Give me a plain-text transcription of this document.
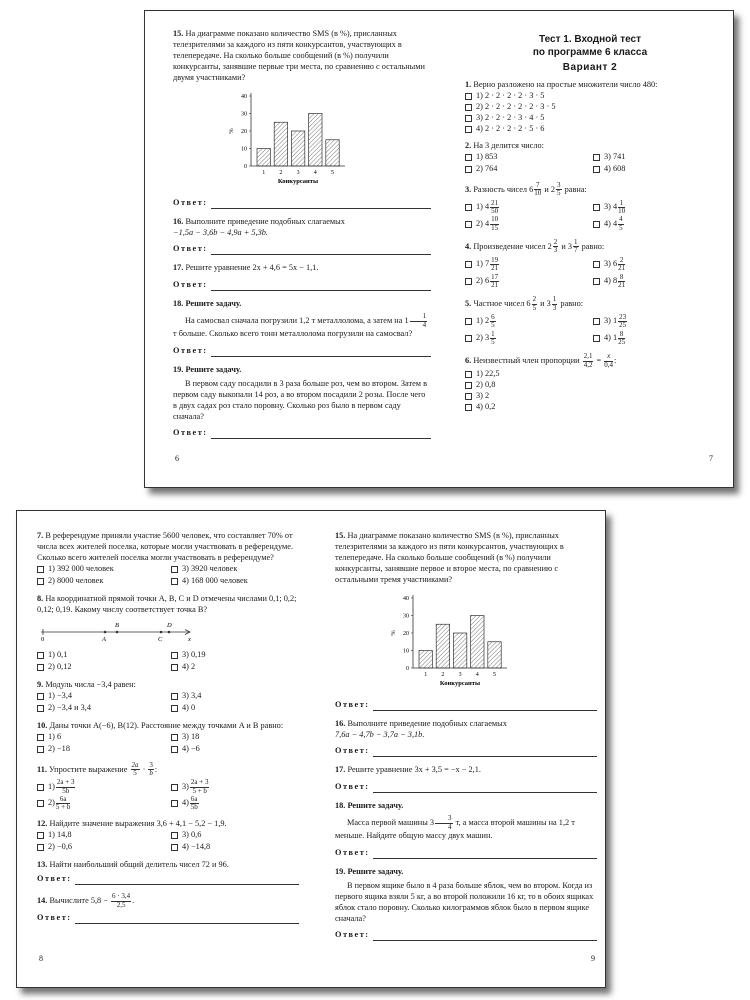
15. На диаграмме показано количество SMS (в %), присланных телезрителями за каждого из пяти конкурсантов, участвующих в телепередаче. На сколько больше сообщений (в %) получили конкурсанты, занявшие первые три места, по сравнению с остальными двумя участниками?
0
10
20
30
40
%
1 2 3 4 5
Конкурсанты
Ответ:
16. Выполните приведение подобных слагаемых
−1,5a − 3,6b − 4,9a + 5,3b.
Ответ:
17. Решите уравнение 2x + 4,6 = 5x − 1,1.
Ответ:
18. Решите задачу.
На самосвал сначала погрузили 1,2 т металлолома, а затем на $1 \frac{1}{4}$
т больше. Сколько всего тонн металлолома погрузили на самосвал?
Ответ:
19. Решите задачу.
В первом саду посадили в 3 раза больше роз, чем во втором. Затем в первом саду выкопали 14 роз, а во втором посадили 2 розы. После чего в двух садах роз стало поровну. Сколько роз было в первом саду сначала?
Ответ:
6
Тест 1. Входной тест
по программе 6 класса
Вариант 2
1. Верно разложено на простые множители число 480:
1) 2 · 2 · 2 · 2 · 3 · 5
2) 2 · 2 · 2 · 2 · 2 · 3 · 5
3) 2 · 2 · 2 · 3 · 4 · 5
4) 2 · 2 · 2 · 2 · 5 · 6
2. На 3 делится число:
1) 853	3) 741
2) 764	4) 608
3. Разность чисел $6 \frac{7}{10}$ и $2 \frac{3}{5}$ равна:
1) $4 \frac{21}{50}$	3) $4 \frac{1}{10}$
2) $4 \frac{10}{15}$	4) $4 \frac{4}{5}$
4. Произведение чисел $2 \frac{2}{3}$ и $3 \frac{1}{7}$ равно:
1) $7 \frac{19}{21}$	3) $6 \frac{2}{21}$
2) $6 \frac{17}{21}$	4) $8 \frac{8}{21}$
5. Частное чисел $6 \frac{2}{5}$ и $3 \frac{1}{3}$ равно:
1) $2 \frac{6}{5}$	3) $1 \frac{23}{25}$
2) $3 \frac{1}{5}$	4) $1 \frac{8}{25}$
6. Неизвестный член пропорции $\frac{2,1}{4,2} = \frac{x}{0,4}$ :
1) 22,5
2) 0,8
3) 2
4) 0,2
7
7. В референдуме приняли участие 5600 человек, что составляет 70% от числа всех жителей поселка, которые могли участвовать в референдуме. Сколько всего жителей поселка могли участвовать в референдуме?
1) 392 000 человек	3) 3920 человек
2) 8000 человек	4) 168 000 человек
8. На координатной прямой точки A, B, C и D отмечены числами 0,1; 0,2; 0,12; 0,19. Какому числу соответствует точка B?
0	A
B
C
D
x
1) 0,1	3) 0,19
2) 0,12	4) 2
9. Модуль числа −3,4 равен:
1) −3,4	3) 3,4
2) −3,4 и 3,4	4) 0
10. Даны точки A(−6), B(12). Расстояние между точками A и B равно:
1) 6	3) 18
2) −18	4) −6
11. Упростите выражение $\frac{2a}{5} \cdot \frac{3}{b}$ :
$1) \frac{2a + 3}{5b}$	$3) \frac{2a + 3}{5 + b}$
$2) \frac{6a}{5 + b}$	$4) \frac{6a}{5b}$
12. Найдите значение выражения 3,6 + 4,1 − 5,2 − 1,9.
1) 14,8	3) 0,6
2) −0,6	4) −14,8
13. Найти наибольший общий делитель чисел 72 и 96.
Ответ:
14. Вычислите $5,8 - \frac{6 \cdot 3,4}{2,5}$ .
Ответ:
8
15. На диаграмме показано количество SMS (в %), присланных телезрителями за каждого из пяти конкурсантов, участвующих в телепередаче. На сколько больше сообщений (в %) получили конкурсанты, занявшие первое и второе места, по сравнению с остальными тремя участниками?
0
10
20
30
40
%
1 2 3 4 5
Конкурсанты
Ответ:
16. Выполните приведение подобных слагаемых
7,6a − 4,7b − 3,7a − 3,1b.
Ответ:
17. Решите уравнение 3x + 3,5 = −x − 2,1.
Ответ:
18. Решите задачу.
Масса первой машины $3 \frac{3}{4} т$, а масса второй машины на 1,2 т меньше. Найдите общую массу двух машин.
Ответ:
19. Решите задачу.
В первом ящике было в 4 раза больше яблок, чем во втором. Когда из первого ящика взяли 5 кг, а во второй положили 16 кг, то в обоих ящиках яблок стало поровну. Сколько килограммов яблок было в первом ящике сначала?
Ответ:
9
